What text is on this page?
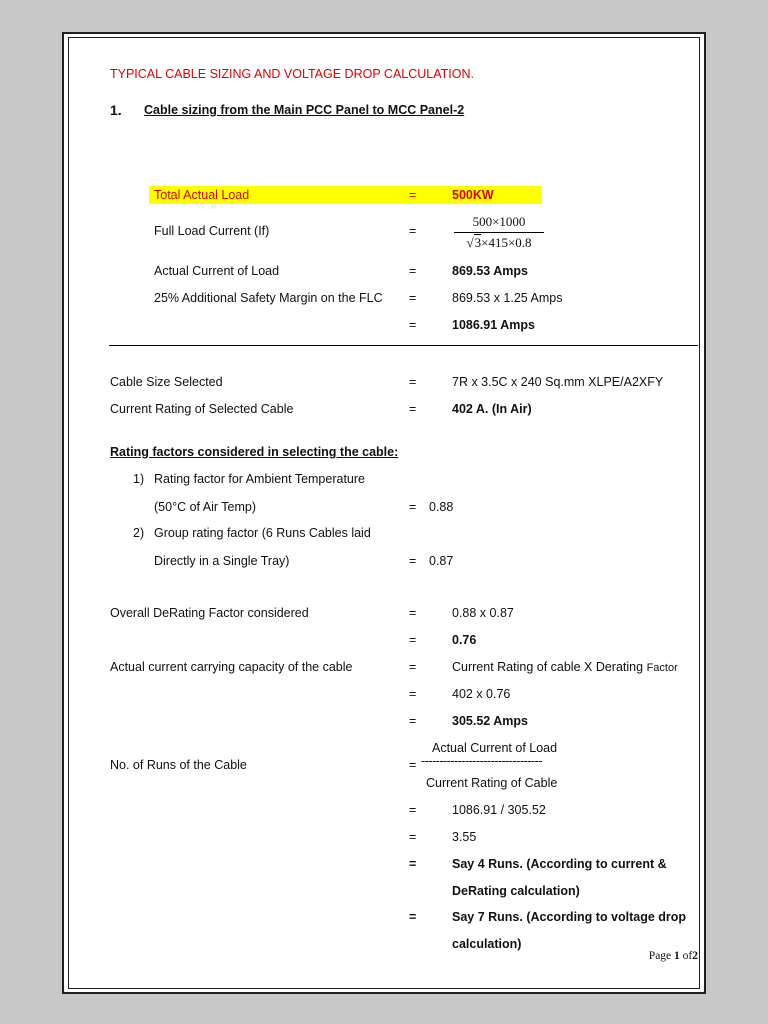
TYPICAL CABLE SIZING AND VOLTAGE DROP CALCULATION.
1. Cable sizing from the Main PCC Panel to MCC Panel-2
Total Actual Load	=	500KW
Full Load Current (If)	=
500×1000
√3×415×0.8
Actual Current of Load	=	869.53 Amps
25% Additional Safety Margin on the FLC =	869.53 x 1.25 Amps
=	1086.91 Amps
Cable Size Selected	=	7R x 3.5C x 240 Sq.mm XLPE/A2XFY
Current Rating of Selected Cable	=	402 A. (In Air)
Rating factors considered in selecting the cable:
1) Rating factor for Ambient Temperature
(50°C of Air Temp)	= 0.88
2) Group rating factor (6 Runs Cables laid
Directly in a Single Tray)	= 0.87
Overall DeRating Factor considered	=	0.88 x 0.87
=	0.76
Actual current carrying capacity of the cable	=	Current Rating of cable X Derating Factor
=	402 x 0.76
=	305.52 Amps
Actual Current of Load
No. of Runs of the Cable	= ---------------------------------
Current Rating of Cable
=	1086.91 / 305.52
=	3.55
=	Say 4 Runs. (According to current &
DeRating calculation)
=	Say 7 Runs. (According to voltage drop
calculation)
Page 1 of2
